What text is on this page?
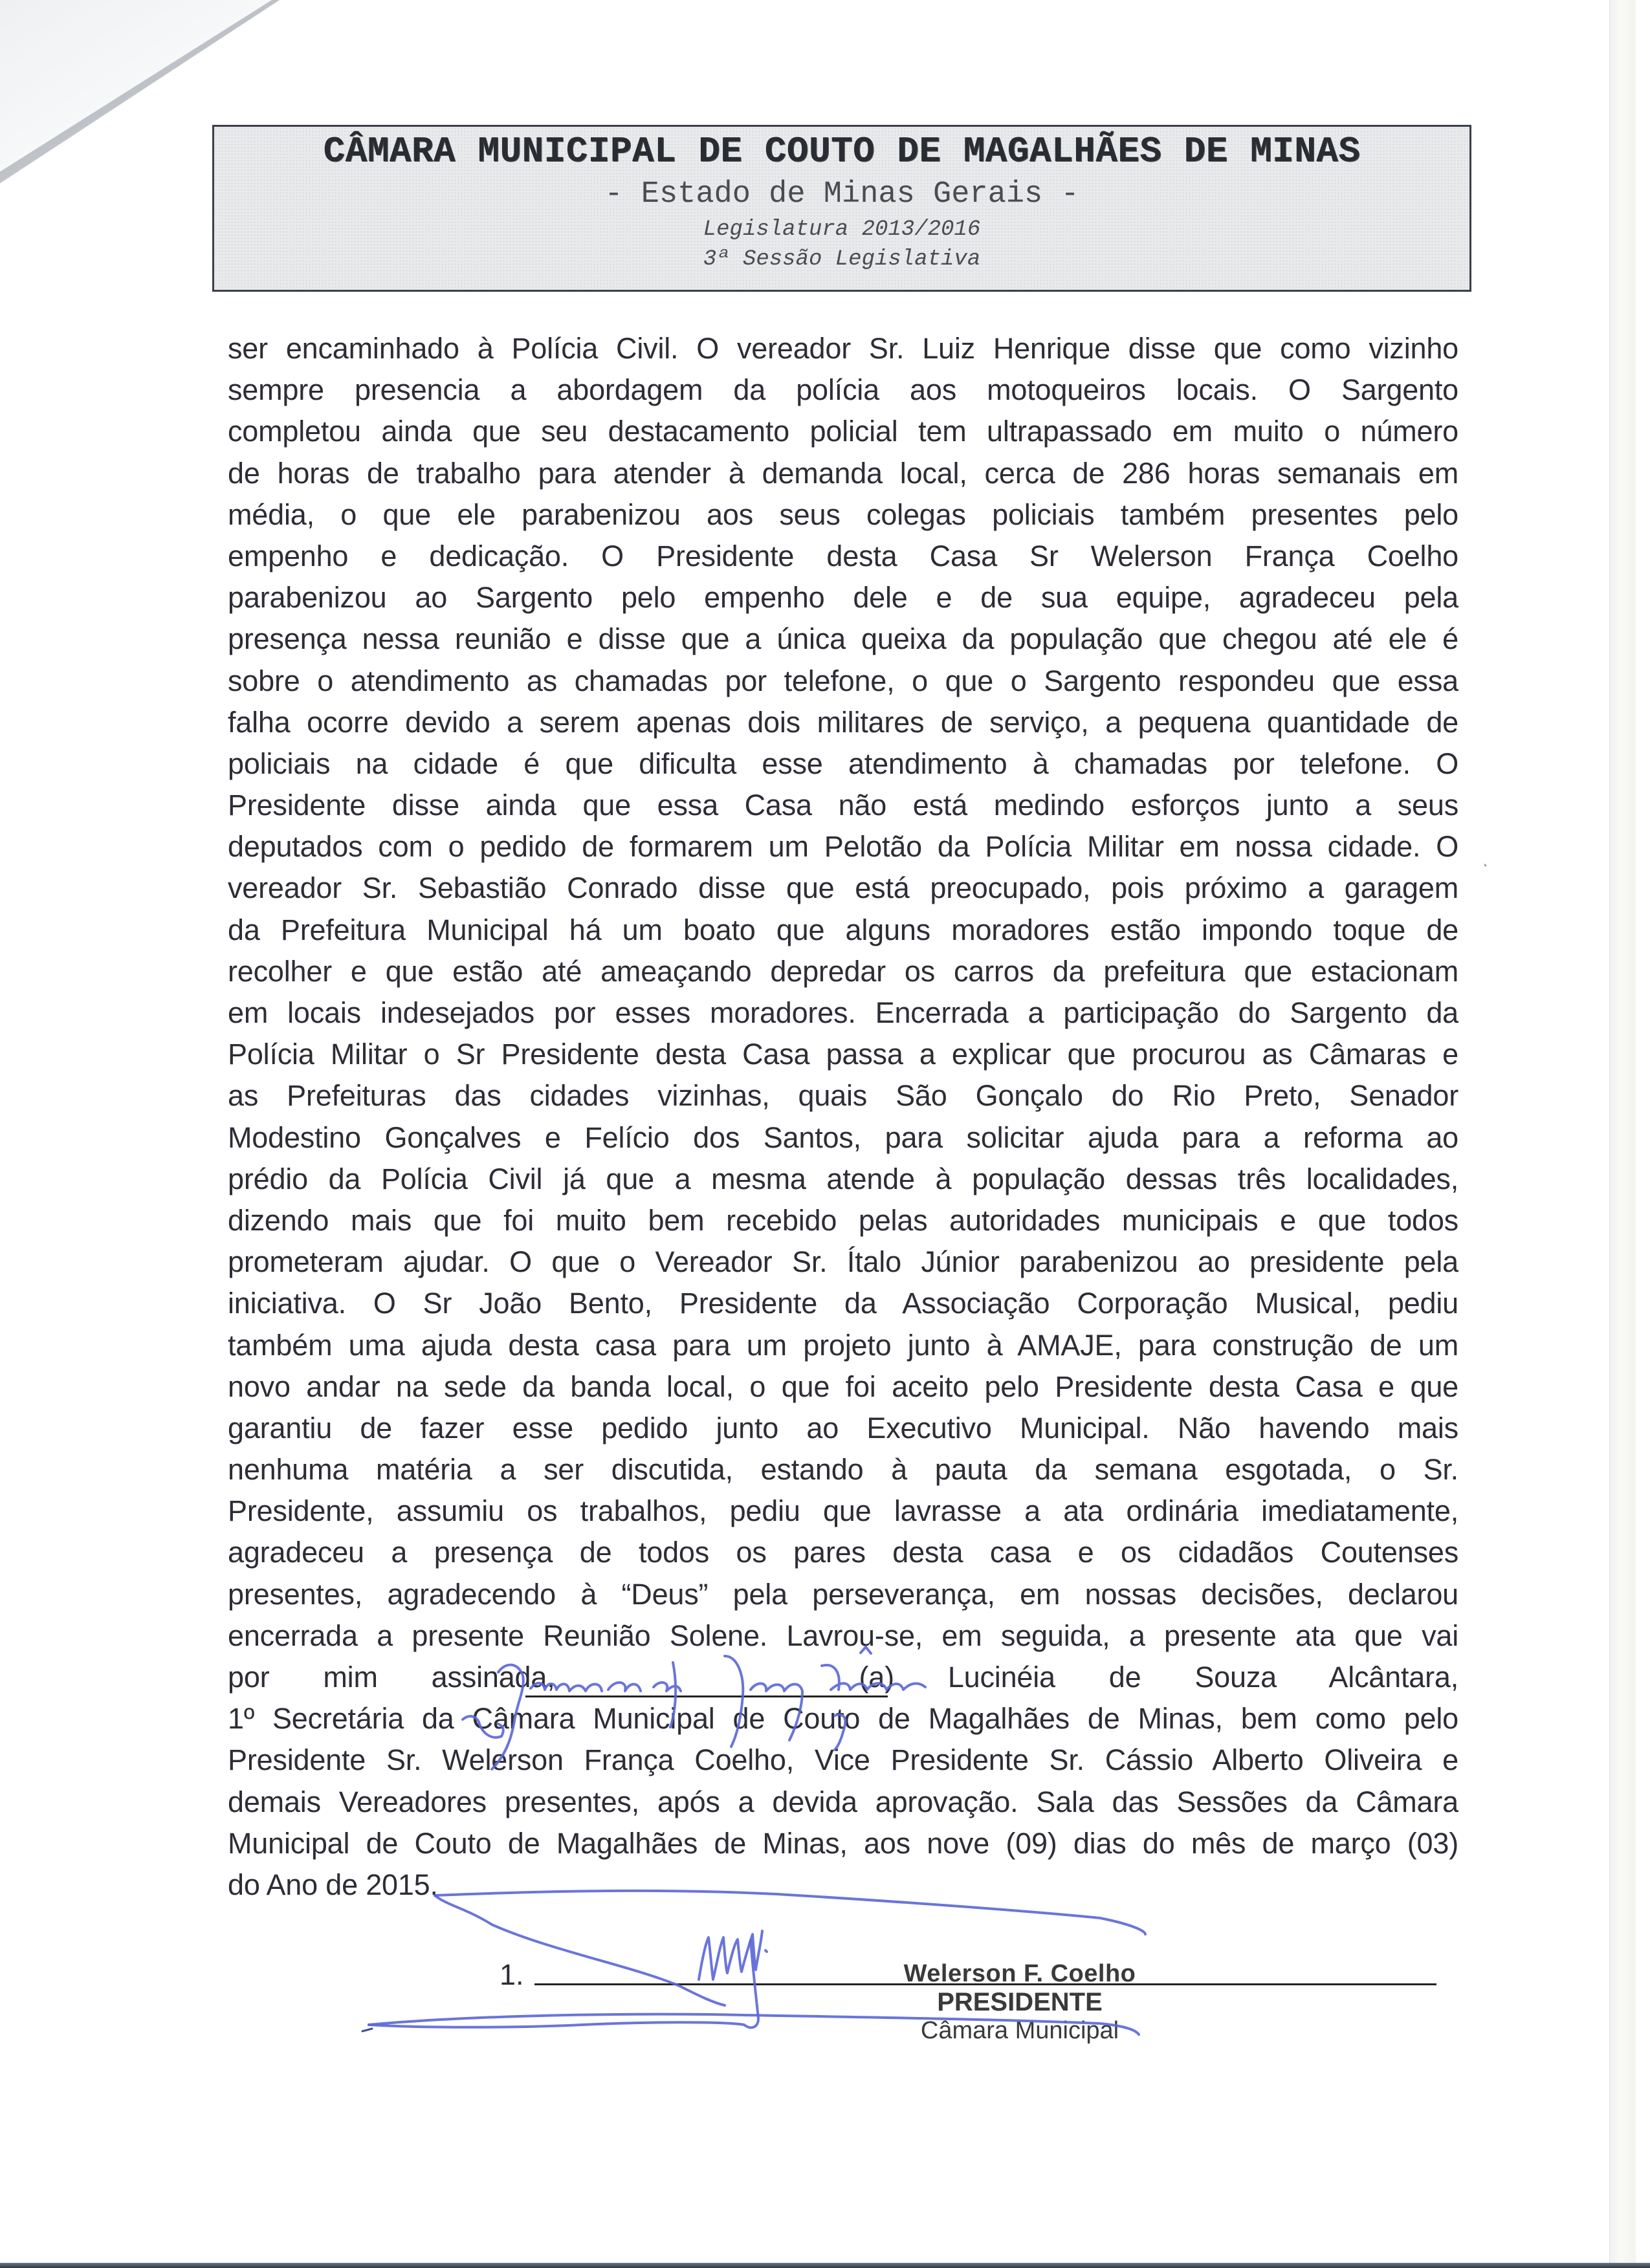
CÂMARA MUNICIPAL DE COUTO DE MAGALHÃES DE MINAS
- Estado de Minas Gerais -
Legislatura 2013/2016
3ª Sessão Legislativa
ser encaminhado à Polícia Civil. O vereador Sr. Luiz Henrique disse que como vizinho
sempre presencia a abordagem da polícia aos motoqueiros locais. O Sargento
completou ainda que seu destacamento policial tem ultrapassado em muito o número
de horas de trabalho para atender à demanda local, cerca de 286 horas semanais em
média, o que ele parabenizou aos seus colegas policiais também presentes pelo
empenho e dedicação. O Presidente desta Casa Sr Welerson França Coelho
parabenizou ao Sargento pelo empenho dele e de sua equipe, agradeceu pela
presença nessa reunião e disse que a única queixa da população que chegou até ele é
sobre o atendimento as chamadas por telefone, o que o Sargento respondeu que essa
falha ocorre devido a serem apenas dois militares de serviço, a pequena quantidade de
policiais na cidade é que dificulta esse atendimento à chamadas por telefone. O
Presidente disse ainda que essa Casa não está medindo esforços junto a seus
deputados com o pedido de formarem um Pelotão da Polícia Militar em nossa cidade. O
vereador Sr. Sebastião Conrado disse que está preocupado, pois próximo a garagem
da Prefeitura Municipal há um boato que alguns moradores estão impondo toque de
recolher e que estão até ameaçando depredar os carros da prefeitura que estacionam
em locais indesejados por esses moradores. Encerrada a participação do Sargento da
Polícia Militar o Sr Presidente desta Casa passa a explicar que procurou as Câmaras e
as Prefeituras das cidades vizinhas, quais São Gonçalo do Rio Preto, Senador
Modestino Gonçalves e Felício dos Santos, para solicitar ajuda para a reforma ao
prédio da Polícia Civil já que a mesma atende à população dessas três localidades,
dizendo mais que foi muito bem recebido pelas autoridades municipais e que todos
prometeram ajudar. O que o Vereador Sr. Ítalo Júnior parabenizou ao presidente pela
iniciativa. O Sr João Bento, Presidente da Associação Corporação Musical, pediu
também uma ajuda desta casa para um projeto junto à AMAJE, para construção de um
novo andar na sede da banda local, o que foi aceito pelo Presidente desta Casa e que
garantiu de fazer esse pedido junto ao Executivo Municipal. Não havendo mais
nenhuma matéria a ser discutida, estando à pauta da semana esgotada, o Sr.
Presidente, assumiu os trabalhos, pediu que lavrasse a ata ordinária imediatamente,
agradeceu a presença de todos os pares desta casa e os cidadãos Coutenses
presentes, agradecendo à “Deus” pela perseverança, em nossas decisões, declarou
encerrada a presente Reunião Solene. Lavrou-se, em seguida, a presente ata que vai
por mim assinada,	(a) Lucinéia de Souza Alcântara,
1º Secretária da Câmara Municipal de Couto de Magalhães de Minas, bem como pelo
Presidente Sr. Welerson França Coelho, Vice Presidente Sr. Cássio Alberto Oliveira e
demais Vereadores presentes, após a devida aprovação. Sala das Sessões da Câmara
Municipal de Couto de Magalhães de Minas, aos nove (09) dias do mês de março (03)
do Ano de 2015.
1.	Welerson F. Coelho
PRESIDENTE
Câmara Municipal
